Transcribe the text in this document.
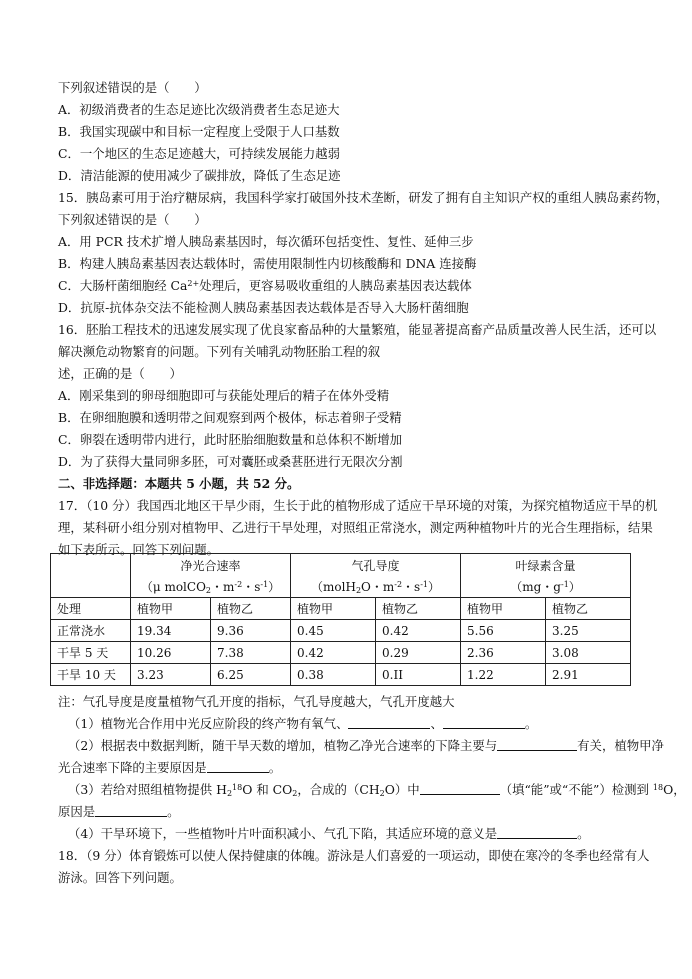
下列叙述错误的是（　　）
A．初级消费者的生态足迹比次级消费者生态足迹大
B．我国实现碳中和目标一定程度上受限于人口基数
C．一个地区的生态足迹越大，可持续发展能力越弱
D．清洁能源的使用减少了碳排放，降低了生态足迹
15．胰岛素可用于治疗糖尿病，我国科学家打破国外技术垄断，研发了拥有自主知识产权的重组人胰岛素药物，
下列叙述错误的是（　　）
A．用 PCR 技术扩增人胰岛素基因时，每次循环包括变性、复性、延伸三步
B．构建人胰岛素基因表达载体时，需使用限制性内切核酸酶和 DNA 连接酶
C．大肠杆菌细胞经 $Ca^{2+}$处理后，更容易吸收重组的人胰岛素基因表达载体
D．抗原-抗体杂交法不能检测人胰岛素基因表达载体是否导入大肠杆菌细胞
16．胚胎工程技术的迅速发展实现了优良家畜品种的大量繁殖，能显著提高畜产品质量改善人民生活，还可以
解决濒危动物繁育的问题。下列有关哺乳动物胚胎工程的叙
述，正确的是（　　）
A．刚采集到的卵母细胞即可与获能处理后的精子在体外受精
B．在卵细胞膜和透明带之间观察到两个极体，标志着卵子受精
C．卵裂在透明带内进行，此时胚胎细胞数量和总体积不断增加
D．为了获得大量同卵多胚，可对囊胚或桑葚胚进行无限次分割
二、非选择题：本题共 5 小题，共 52 分。
17．（10 分）我国西北地区干旱少雨，生长于此的植物形成了适应干旱环境的对策，为探究植物适应干旱的机
理，某科研小组分别对植物甲、乙进行干旱处理，对照组正常浇水，测定两种植物叶片的光合生理指标，结果
如下表所示。回答下列问题。
	净光合速率		气孔导度		叶绿素含量	
	（μ molCO$_2$・$m^{-2}$・$s^{-1}$）		（molH$_2$O・$m^{-2}$・$s^{-1}$）		（mg・$g^{-1}$）	
处理	植物甲	植物乙	植物甲	植物乙	植物甲	植物乙
正常浇水	19.34	9.36	0.45	0.42	5.56	3.25
干旱 5 天	10.26	7.38	0.42	0.29	2.36	3.08
干旱 10 天	3.23	6.25	0.38	0.II	1.22	2.91
注：气孔导度是度量植物气孔开度的指标，气孔导度越大，气孔开度越大
（1）植物光合作用中光反应阶段的终产物有氧气、	、	。
（2）根据表中数据判断，随干旱天数的增加，植物乙净光合速率的下降主要与	有关，植物甲净
光合速率下降的主要原因是	。
（3）若给对照组植物提供 $H_2^{18}O$ 和 $CO_2$，合成的$(CH_2O)$中	（填“能”或“不能”）检测到 $^{18}$O，
原因是	。
（4）干旱环境下，一些植物叶片叶面积减小、气孔下陷，其适应环境的意义是	。
18．（9 分）体育锻炼可以使人保持健康的体魄。游泳是人们喜爱的一项运动，即使在寒冷的冬季也经常有人
游泳。回答下列问题。
